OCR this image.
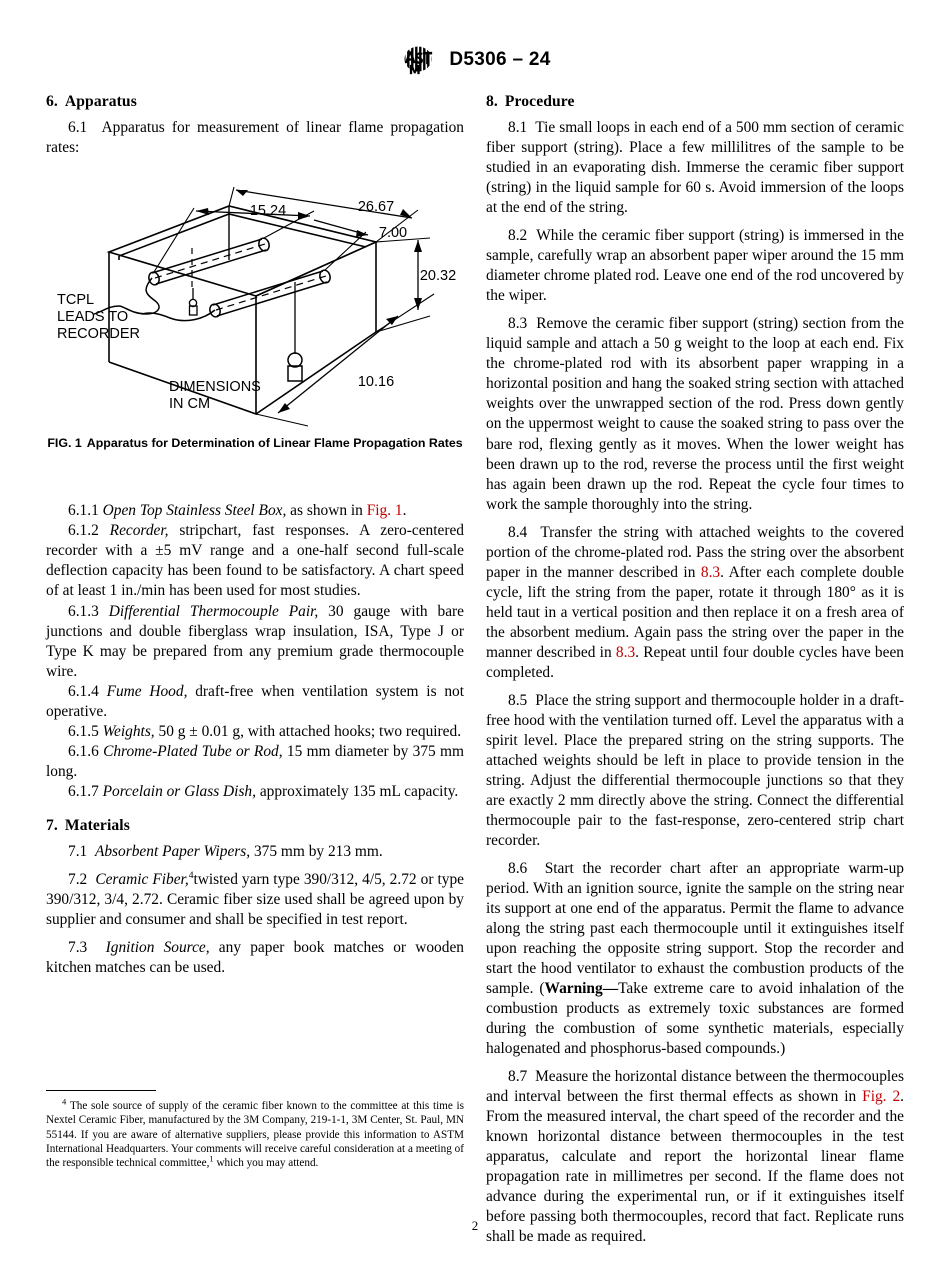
D5306 – 24
6. Apparatus

6.1 Apparatus for measurement of linear flame propagation rates:

26.67
15.24
7.00
20.32
10.16
TCPL
LEADS TO
RECORDER
DIMENSIONS
IN CM
FIG. 1 Apparatus for Determination of Linear Flame Propagation Rates

6.1.1 Open Top Stainless Steel Box, as shown in Fig. 1.

6.1.2 Recorder, stripchart, fast responses. A zero-centered recorder with a ±5 mV range and a one-half second full-scale deflection capacity has been found to be satisfactory. A chart speed of at least 1 in./min has been used for most studies.

6.1.3 Differential Thermocouple Pair, 30 gauge with bare junctions and double fiberglass wrap insulation, ISA, Type J or Type K may be prepared from any premium grade thermocouple wire.

6.1.4 Fume Hood, draft-free when ventilation system is not operative.

6.1.5 Weights, 50 g ± 0.01 g, with attached hooks; two required.

6.1.6 Chrome-Plated Tube or Rod, 15 mm diameter by 375 mm long.

6.1.7 Porcelain or Glass Dish, approximately 135 mL capacity.

7. Materials

7.1 Absorbent Paper Wipers, 375 mm by 213 mm.

7.2 Ceramic Fiber,$^4$twisted yarn type 390/312, 4/5, 2.72 or type 390/312, 3/4, 2.72. Ceramic fiber size used shall be agreed upon by supplier and consumer and shall be specified in test report.

7.3 Ignition Source, any paper book matches or wooden kitchen matches can be used.

8. Procedure

8.1 Tie small loops in each end of a 500 mm section of ceramic fiber support (string). Place a few millilitres of the sample to be studied in an evaporating dish. Immerse the ceramic fiber support (string) in the liquid sample for 60 s. Avoid immersion of the loops at the end of the string.

8.2 While the ceramic fiber support (string) is immersed in the sample, carefully wrap an absorbent paper wiper around the 15 mm diameter chrome plated rod. Leave one end of the rod uncovered by the wiper.

8.3 Remove the ceramic fiber support (string) section from the liquid sample and attach a 50 g weight to the loop at each end. Fix the chrome-plated rod with its absorbent paper wrapping in a horizontal position and hang the soaked string section with attached weights over the unwrapped section of the rod. Press down gently on the uppermost weight to cause the soaked string to pass over the bare rod, flexing gently as it moves. When the lower weight has been drawn up to the rod, reverse the process until the first weight has again been drawn up the rod. Repeat the cycle four times to work the sample thoroughly into the string.

8.4 Transfer the string with attached weights to the covered portion of the chrome-plated rod. Pass the string over the absorbent paper in the manner described in 8.3. After each complete double cycle, lift the string from the paper, rotate it through 180° as it is held taut in a vertical position and then replace it on a fresh area of the absorbent medium. Again pass the string over the paper in the manner described in 8.3. Repeat until four double cycles have been completed.

8.5 Place the string support and thermocouple holder in a draft-free hood with the ventilation turned off. Level the apparatus with a spirit level. Place the prepared string on the string supports. The attached weights should be left in place to provide tension in the string. Adjust the differential thermocouple junctions so that they are exactly 2 mm directly above the string. Connect the differential thermocouple pair to the fast-response, zero-centered strip chart recorder.

8.6 Start the recorder chart after an appropriate warm-up period. With an ignition source, ignite the sample on the string near its support at one end of the apparatus. Permit the flame to advance along the string past each thermocouple until it extinguishes itself upon reaching the opposite string support. Stop the recorder and start the hood ventilator to exhaust the combustion products of the sample. (Warning—Take extreme care to avoid inhalation of the combustion products as extremely toxic substances are formed during the combustion of some synthetic materials, especially halogenated and phosphorus-based compounds.)

8.7 Measure the horizontal distance between the thermocouples and interval between the first thermal effects as shown in Fig. 2. From the measured interval, the chart speed of the recorder and the known horizontal distance between thermocouples in the test apparatus, calculate and report the horizontal linear flame propagation rate in millimetres per second. If the flame does not advance during the experimental run, or if it extinguishes itself before passing both thermocouples, record that fact. Replicate runs shall be made as required.

$^4$ The sole source of supply of the ceramic fiber known to the committee at this time is Nextel Ceramic Fiber, manufactured by the 3M Company, 219-1-1, 3M Center, St. Paul, MN 55144. If you are aware of alternative suppliers, please provide this information to ASTM International Headquarters. Your comments will receive careful consideration at a meeting of the responsible technical committee,$^1$ which you may attend.

2
